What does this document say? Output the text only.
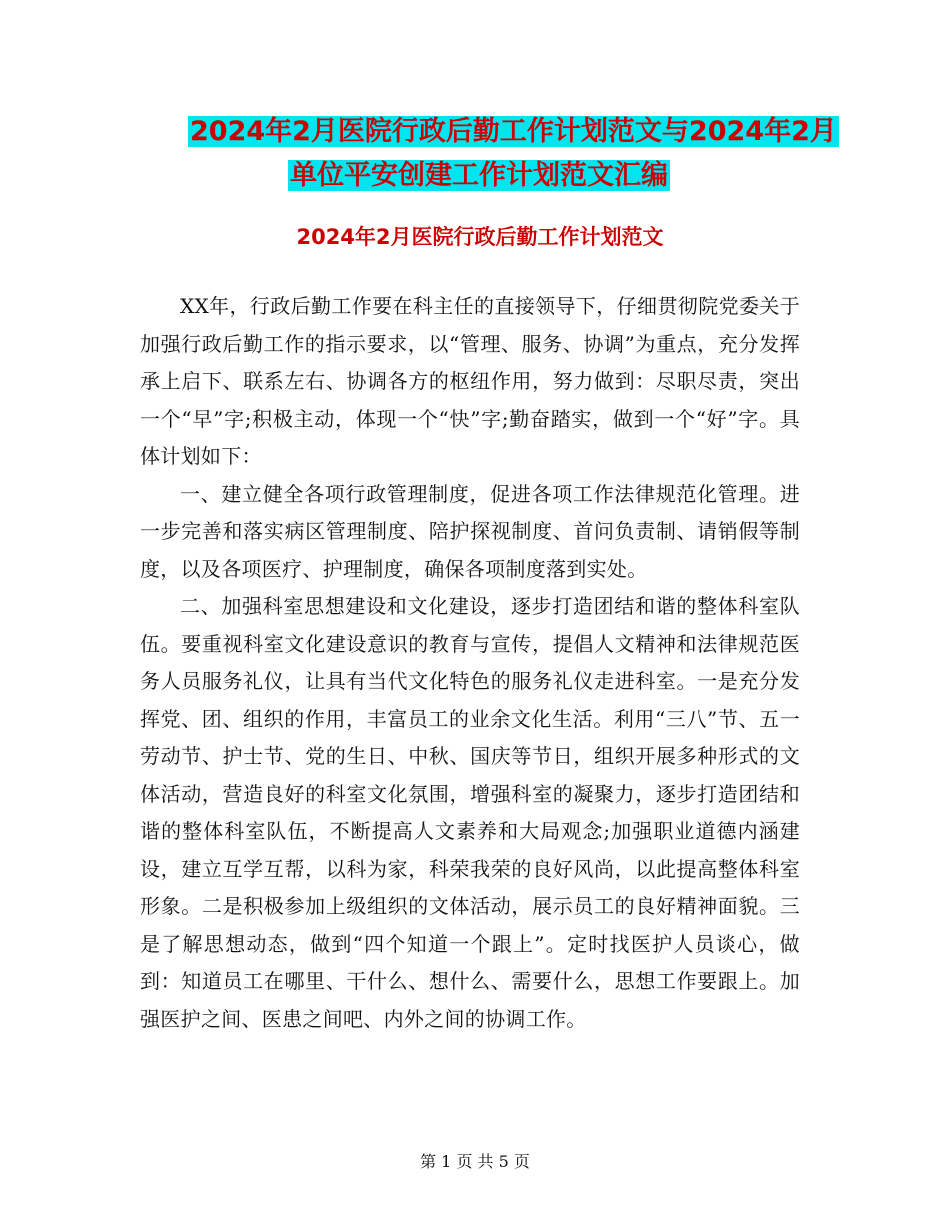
2024年2月医院行政后勤工作计划范文与2024年2月
单位平安创建工作计划范文汇编
2024年2月医院行政后勤工作计划范文

XX年，行政后勤工作要在科主任的直接领导下，仔细贯彻院党委关于加强行政后勤工作的指示要求，以“管理、服务、协调”为重点，充分发挥承上启下、联系左右、协调各方的枢纽作用，努力做到：尽职尽责，突出一个“早”字;积极主动，体现一个“快”字;勤奋踏实，做到一个“好”字。具体计划如下：

一、建立健全各项行政管理制度，促进各项工作法律规范化管理。进一步完善和落实病区管理制度、陪护探视制度、首问负责制、请销假等制度，以及各项医疗、护理制度，确保各项制度落到实处。

二、加强科室思想建设和文化建设，逐步打造团结和谐的整体科室队伍。要重视科室文化建设意识的教育与宣传，提倡人文精神和法律规范医务人员服务礼仪，让具有当代文化特色的服务礼仪走进科室。一是充分发挥党、团、组织的作用，丰富员工的业余文化生活。利用“三八”节、五一劳动节、护士节、党的生日、中秋、国庆等节日，组织开展多种形式的文体活动，营造良好的科室文化氛围，增强科室的凝聚力，逐步打造团结和谐的整体科室队伍，不断提高人文素养和大局观念;加强职业道德内涵建设，建立互学互帮，以科为家，科荣我荣的良好风尚，以此提高整体科室形象。二是积极参加上级组织的文体活动，展示员工的良好精神面貌。三是了解思想动态，做到“四个知道一个跟上”。定时找医护人员谈心，做到：知道员工在哪里、干什么、想什么、需要什么，思想工作要跟上。加强医护之间、医患之间吧、内外之间的协调工作。

第 1 页 共 5 页
